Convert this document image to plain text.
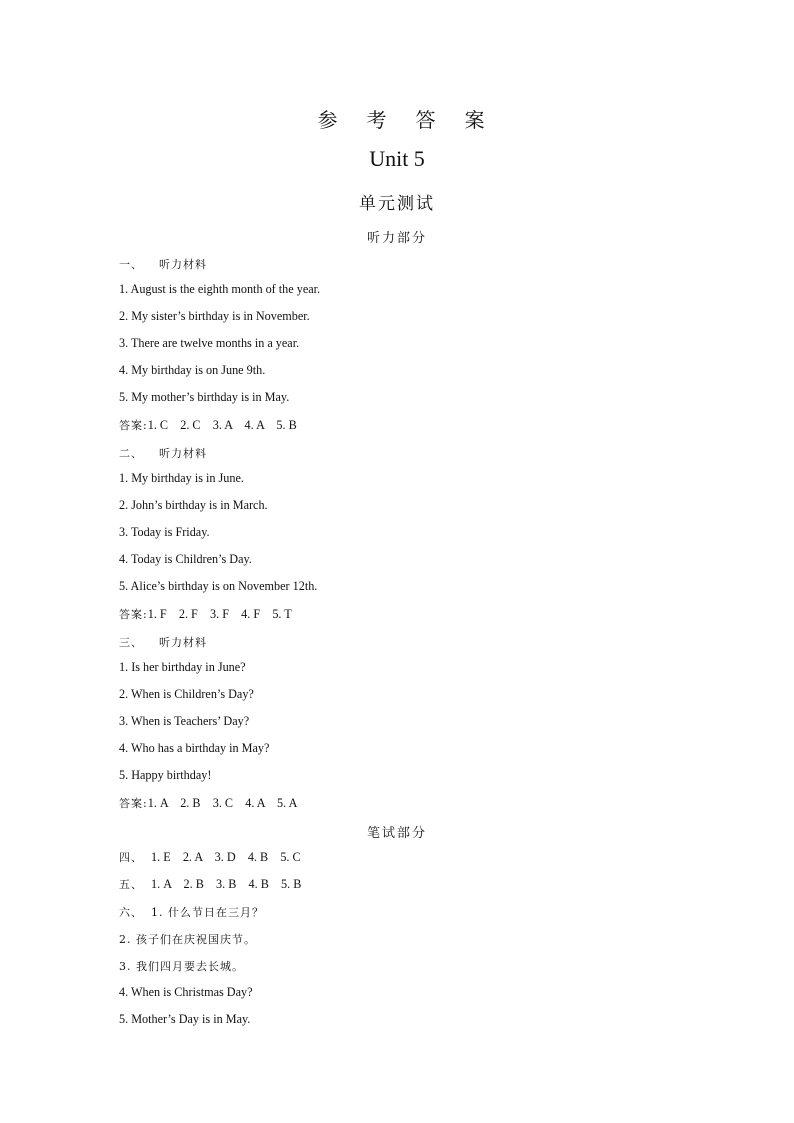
参 考 答 案
Unit 5
单元测试
听力部分
一、 听力材料
1. August is the eighth month of the year.
2. My sister’s birthday is in November.
3. There are twelve months in a year.
4. My birthday is on June 9th.
5. My mother’s birthday is in May.
答案:1. C    2. C    3. A    4. A    5. B
二、 听力材料
1. My birthday is in June.
2. John’s birthday is in March.
3. Today is Friday.
4. Today is Children’s Day.
5. Alice’s birthday is on November 12th.
答案:1. F    2. F    3. F    4. F    5. T
三、 听力材料
1. Is her birthday in June?
2. When is Children’s Day?
3. When is Teachers’ Day?
4. Who has a birthday in May?
5. Happy birthday!
答案:1. A    2. B    3. C    4. A    5. A
笔试部分
四、 1. E    2. A    3. D    4. B    5. C
五、 1. A    2. B    3. B    4. B    5. B
六、 1. 什么节日在三月？
2. 孩子们在庆祝国庆节。
3. 我们四月要去长城。
4. When is Christmas Day?
5. Mother’s Day is in May.
